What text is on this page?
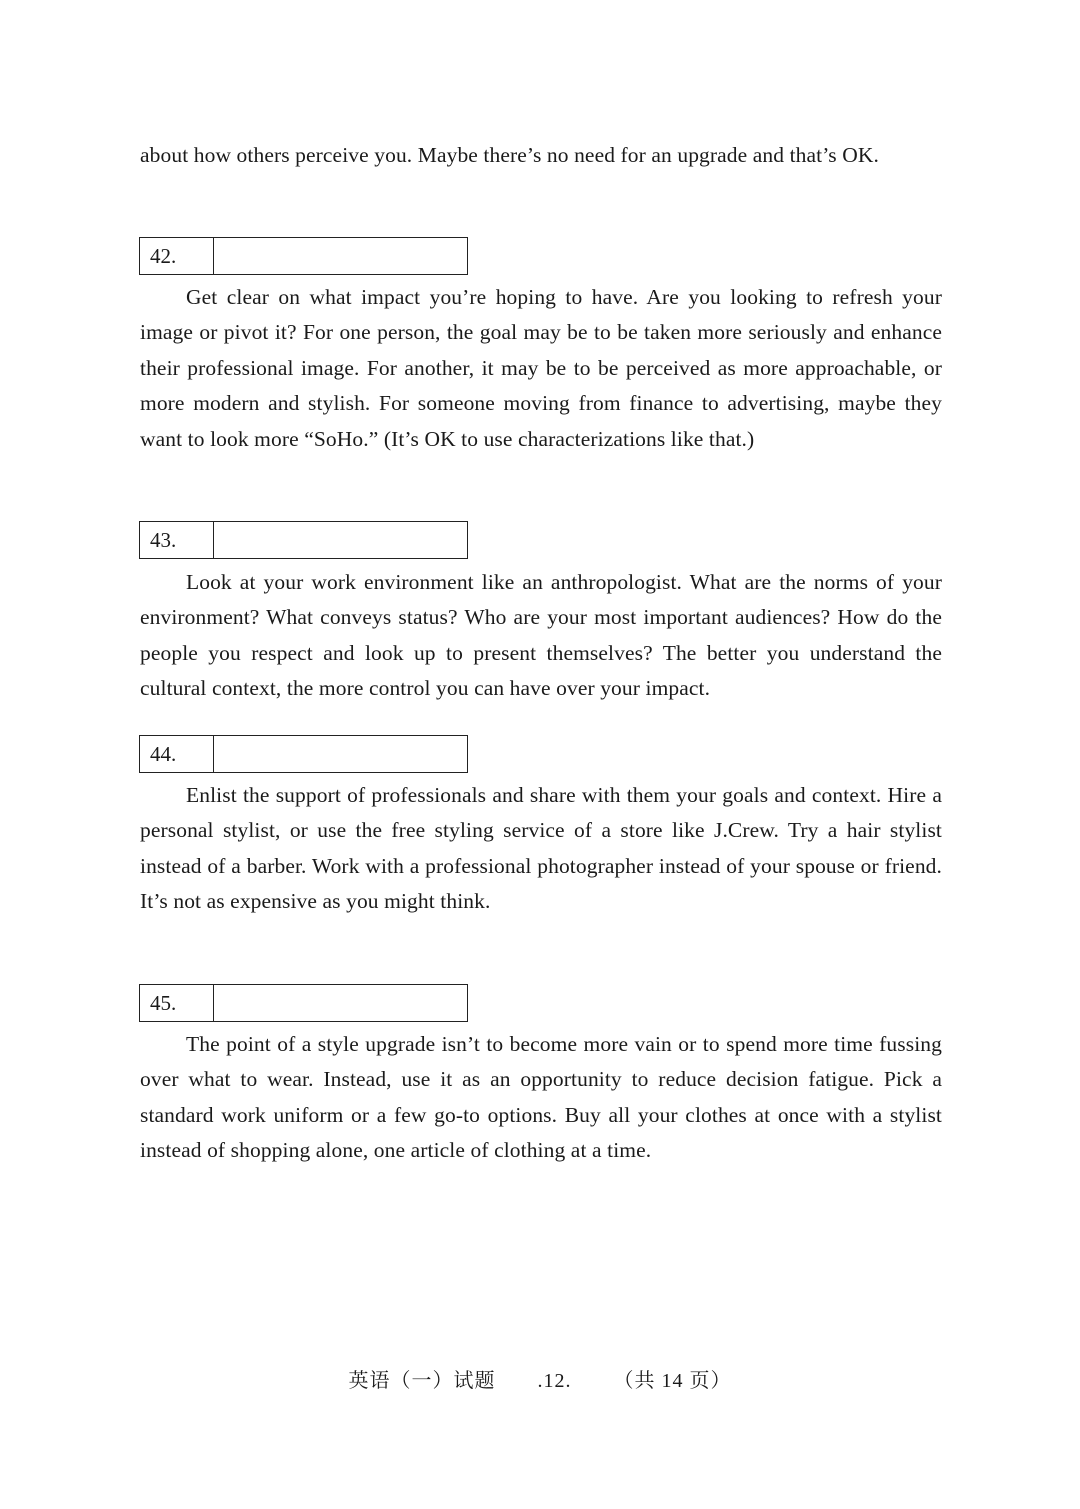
about how others perceive you. Maybe there’s no need for an upgrade and that’s OK.

42.

Get clear on what impact you’re hoping to have. Are you looking to refresh your image or pivot it? For one person, the goal may be to be taken more seriously and enhance their professional image. For another, it may be to be perceived as more approachable, or more modern and stylish. For someone moving from finance to advertising, maybe they want to look more “SoHo.” (It’s OK to use characterizations like that.)

43.

Look at your work environment like an anthropologist. What are the norms of your environment? What conveys status? Who are your most important audiences? How do the people you respect and look up to present themselves? The better you understand the cultural context, the more control you can have over your impact.

44.

Enlist the support of professionals and share with them your goals and context. Hire a personal stylist, or use the free styling service of a store like J.Crew. Try a hair stylist instead of a barber. Work with a professional photographer instead of your spouse or friend. It’s not as expensive as you might think.

45.

The point of a style upgrade isn’t to become more vain or to spend more time fussing over what to wear. Instead, use it as an opportunity to reduce decision fatigue. Pick a standard work uniform or a few go-to options. Buy all your clothes at once with a stylist instead of shopping alone, one article of clothing at a time.

英语（一）试题 .12. （共 14 页）
